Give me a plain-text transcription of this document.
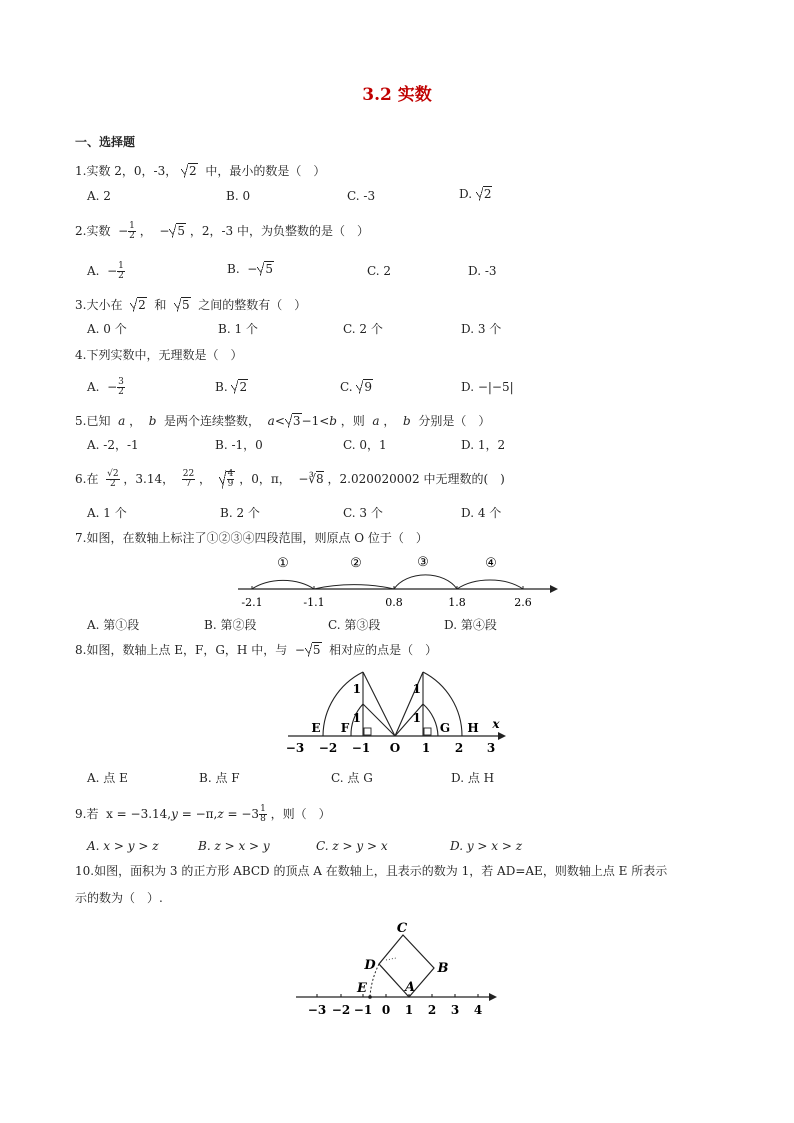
3.2 实数
一、选择题
1.实数 2，0，-3， 2  中，最小的数是（　）
A. 2	B. 0	C. -3	D. 2
2.实数  − $\frac{1}{2}$ ，  − 5 ，2，-3 中，为负整数的是（　）
A.  − $\frac{1}{2}$	B.  − 5	C. 2	D. -3
3.大小在  2  和  5  之间的整数有（　）
A. 0 个	B. 1 个	C. 2 个	D. 3 个
4.下列实数中，无理数是（　）
A.  − $\frac{3}{2}$	B. 2	C. 9	D. −|−5|
5.已知  a ，  b  是两个连续整数，  a< 3−1<b ，则  a ，  b  分别是（　）
A. -2，-1	B. -1，0	C. 0，1	D. 1，2
6.在 $\frac{√2}{2}$ ，3.14， $\frac{22}{7}$ ， $\frac{4}{9}$ ，0，π，  −∛8 ，2.020020002 中无理数的(　)
A. 1 个	B. 2 个	C. 3 个	D. 4 个
7.如图，在数轴上标注了①②③④四段范围，则原点 O 位于（　）
①	②	③	④
-2.1	-1.1	0.8	1.8	2.6
A. 第①段	B. 第②段	C. 第③段	D. 第④段
8.如图，数轴上点 E，F，G，H 中，与  − 5  相对应的点是（　）
1
1
1
1
E F	G H x
−3 −2 −1 O 1 2 3
A. 点 E	B. 点 F	C. 点 G	D. 点 H
9.若  $x = -3.14,y = -\pi,z = -3 \frac{1}{8}$ ，则（　）
A. x > y > z	B. z > x > y	C. z > y > x	D. y > x > z
10.如图，面积为 3 的正方形 ABCD 的顶点 A 在数轴上，且表示的数为 1，若 AD=AE，则数轴上点 E 所表示
示的数为（　）.
C
D	B
E	A
−3 −2 −1 0 1 2 3 4
